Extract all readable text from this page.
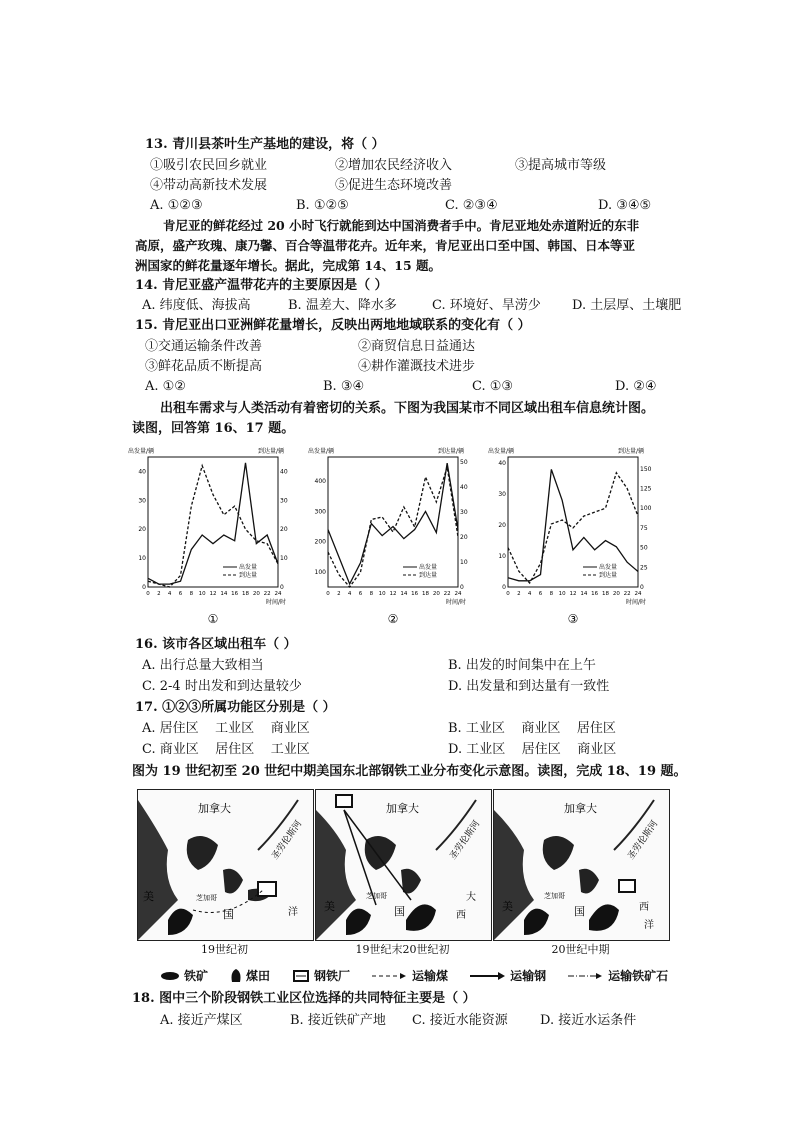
13. 青川县茶叶生产基地的建设，将（ ）
①吸引农民回乡就业	②增加农民经济收入	③提高城市等级
④带动高新技术发展	⑤促进生态环境改善
A. ①②③	B. ①②⑤	C. ②③④	D. ③④⑤
肯尼亚的鲜花经过 20 小时飞行就能到达中国消费者手中。肯尼亚地处赤道附近的东非
高原，盛产玫瑰、康乃馨、百合等温带花卉。近年来，肯尼亚出口至中国、韩国、日本等亚
洲国家的鲜花量逐年增长。据此，完成第 14、15 题。
14. 肯尼亚盛产温带花卉的主要原因是（ ）
A. 纬度低、海拔高	B. 温差大、降水多	C. 环境好、旱涝少 D. 土层厚、土壤肥
15. 肯尼亚出口亚洲鲜花量增长，反映出两地地域联系的变化有（ ）
①交通运输条件改善	②商贸信息日益通达
③鲜花品质不断提高	④耕作灌溉技术进步
A. ①②	B. ③④	C. ①③	D. ②④
出租车需求与人类活动有着密切的关系。下图为我国某市不同区域出租车信息统计图。
读图，回答第 16、17 题。
出发量/辆	到达量/辆
时间/时
0 2 4 6 8 10 12 14 16 18 20 22 24
0
10
20
30
40
0
10
20
30
40
出发量
到达量
①
出发量/辆	到达量/辆
时间/时
0 2 4 6 8 10 12 14 16 18 20 22 24
100
200
300
400
0
10
20
30
40
50
出发量
到达量
②
出发量/辆	到达量/辆
时间/时
0 2 4 6 8 10 12 14 16 18 20 22 24
0
10
20
30
40
0
25
50
75
100
125
150
出发量
到达量
③
16. 该市各区域出租车（ ）
A. 出行总量大致相当	B. 出发的时间集中在上午
C. 2-4 时出发和到达量较少	D. 出发量和到达量有一致性
17. ①②③所属功能区分别是（ ）
A. 居住区    工业区    商业区	B. 工业区    商业区    居住区
C. 商业区    居住区    工业区	D. 工业区    居住区    商业区
图为 19 世纪初至 20 世纪中期美国东北部钢铁工业分布变化示意图。读图，完成 18、19 题。
加拿大
圣劳伦斯河
美
国	洋
芝加哥
19世纪初
加拿大
圣劳伦斯河
美	国
大
西
芝加哥
19世纪末20世纪初
加拿大
圣劳伦斯河
美	国	西
洋
芝加哥
20世纪中期
铁矿	煤田	钢铁厂	运输煤	运输钢	运输铁矿石
18. 图中三个阶段钢铁工业区位选择的共同特征主要是（ ）
A. 接近产煤区	B. 接近铁矿产地 C. 接近水能资源 D. 接近水运条件
